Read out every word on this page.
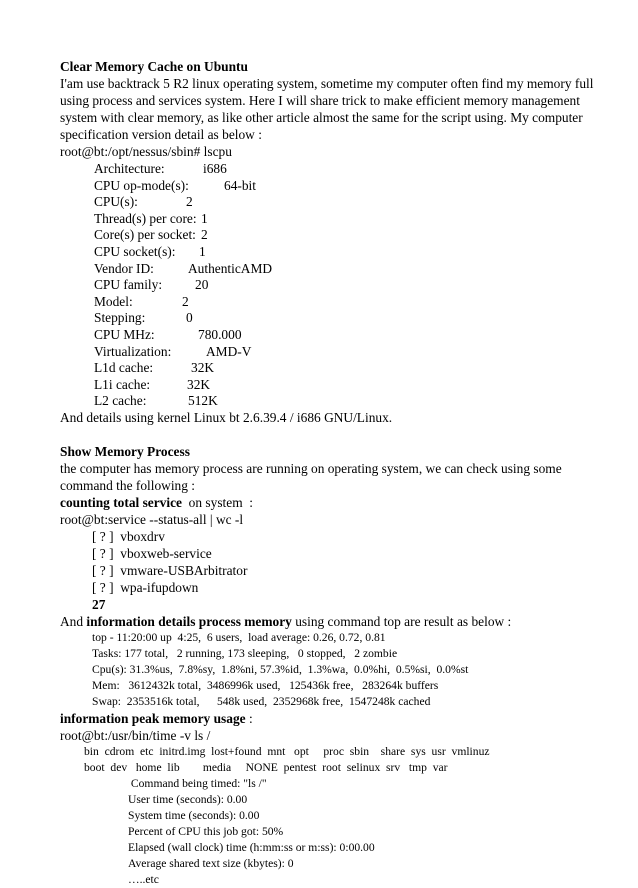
Clear Memory Cache on Ubuntu
I'am use backtrack 5 R2 linux operating system, sometime my computer often find my memory full using process and services system. Here I will share trick to make efficient memory management system with clear memory, as like other article almost the same for the script using. My computer specification version detail as below :
root@bt:/opt/nessus/sbin# lscpu
Architecture:	i686
CPU op-mode(s):	64-bit
CPU(s):	2
Thread(s) per core: 1
Core(s) per socket: 2
CPU socket(s): 1
Vendor ID:	AuthenticAMD
CPU family: 20
Model:	2
Stepping:	0
CPU MHz:	780.000
Virtualization:	AMD-V
L1d cache:	32K
L1i cache:	32K
L2 cache:	512K
And details using kernel Linux bt 2.6.39.4 / i686 GNU/Linux.
Show Memory Process
the computer has memory process are running on operating system, we can check using some command the following :
counting total service  on system  :
root@bt:service --status-all | wc -l
[ ? ]  vboxdrv
[ ? ]  vboxweb-service
[ ? ]  vmware-USBArbitrator
[ ? ]  wpa-ifupdown
27
And information details process memory using command top are result as below :
top - 11:20:00 up  4:25,  6 users,  load average: 0.26, 0.72, 0.81
Tasks: 177 total,   2 running, 173 sleeping,   0 stopped,   2 zombie
Cpu(s): 31.3%us,  7.8%sy,  1.8%ni, 57.3%id,  1.3%wa,  0.0%hi,  0.5%si,  0.0%st
Mem:   3612432k total,  3486996k used,   125436k free,   283264k buffers
Swap:  2353516k total,      548k used,  2352968k free,  1547248k cached
information peak memory usage :
root@bt:/usr/bin/time -v ls /
bin  cdrom  etc  initrd.img  lost+found  mnt   opt     proc  sbin    share  sys  usr  vmlinuz
boot  dev   home  lib        media     NONE  pentest  root  selinux  srv   tmp  var
Command being timed: "ls /"
User time (seconds): 0.00
System time (seconds): 0.00
Percent of CPU this job got: 50%
Elapsed (wall clock) time (h:mm:ss or m:ss): 0:00.00
Average shared text size (kbytes): 0
…..etc
